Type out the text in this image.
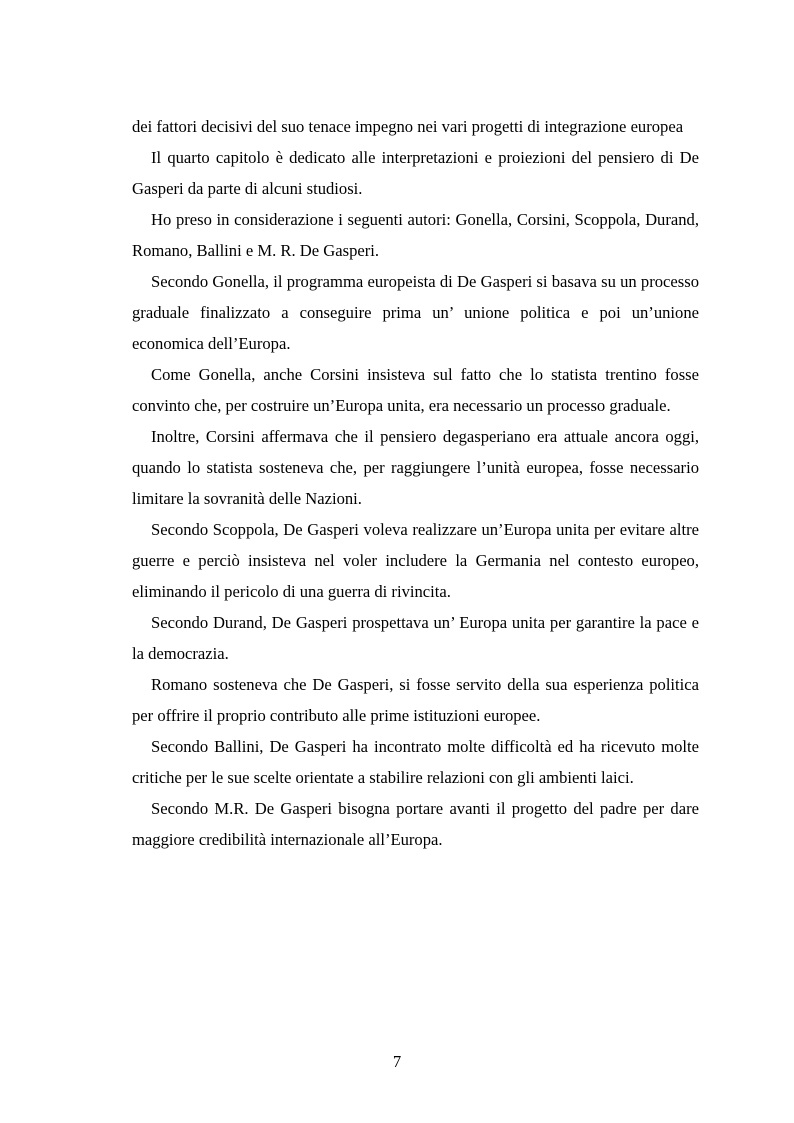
dei fattori decisivi del suo tenace impegno nei vari progetti di integrazione europea

Il quarto capitolo è dedicato alle interpretazioni e proiezioni del pensiero di De Gasperi da parte di alcuni studiosi.

Ho preso in considerazione i seguenti autori: Gonella, Corsini, Scoppola, Durand, Romano, Ballini e M. R. De Gasperi.

Secondo Gonella, il programma europeista di De Gasperi si basava su un processo graduale finalizzato a conseguire prima un’ unione politica e poi un’unione economica dell’Europa.

Come Gonella, anche Corsini insisteva sul fatto che lo statista trentino fosse convinto che, per costruire un’Europa unita, era necessario un processo graduale.

Inoltre, Corsini affermava che il pensiero degasperiano era attuale ancora oggi, quando lo statista sosteneva che, per raggiungere l’unità europea, fosse necessario limitare la sovranità delle Nazioni.

Secondo Scoppola, De Gasperi voleva realizzare un’Europa unita per evitare altre guerre e perciò insisteva nel voler includere la Germania nel contesto europeo, eliminando il pericolo di una guerra di rivincita.

Secondo Durand, De Gasperi prospettava un’ Europa unita per garantire la pace e la democrazia.

Romano sosteneva che De Gasperi, si fosse servito della sua esperienza politica per offrire il proprio contributo alle prime istituzioni europee.

Secondo Ballini, De Gasperi ha incontrato molte difficoltà ed ha ricevuto molte critiche per le sue scelte orientate a stabilire relazioni con gli ambienti laici.

Secondo M.R. De Gasperi bisogna portare avanti il progetto del padre per dare maggiore credibilità internazionale all’Europa.

7
